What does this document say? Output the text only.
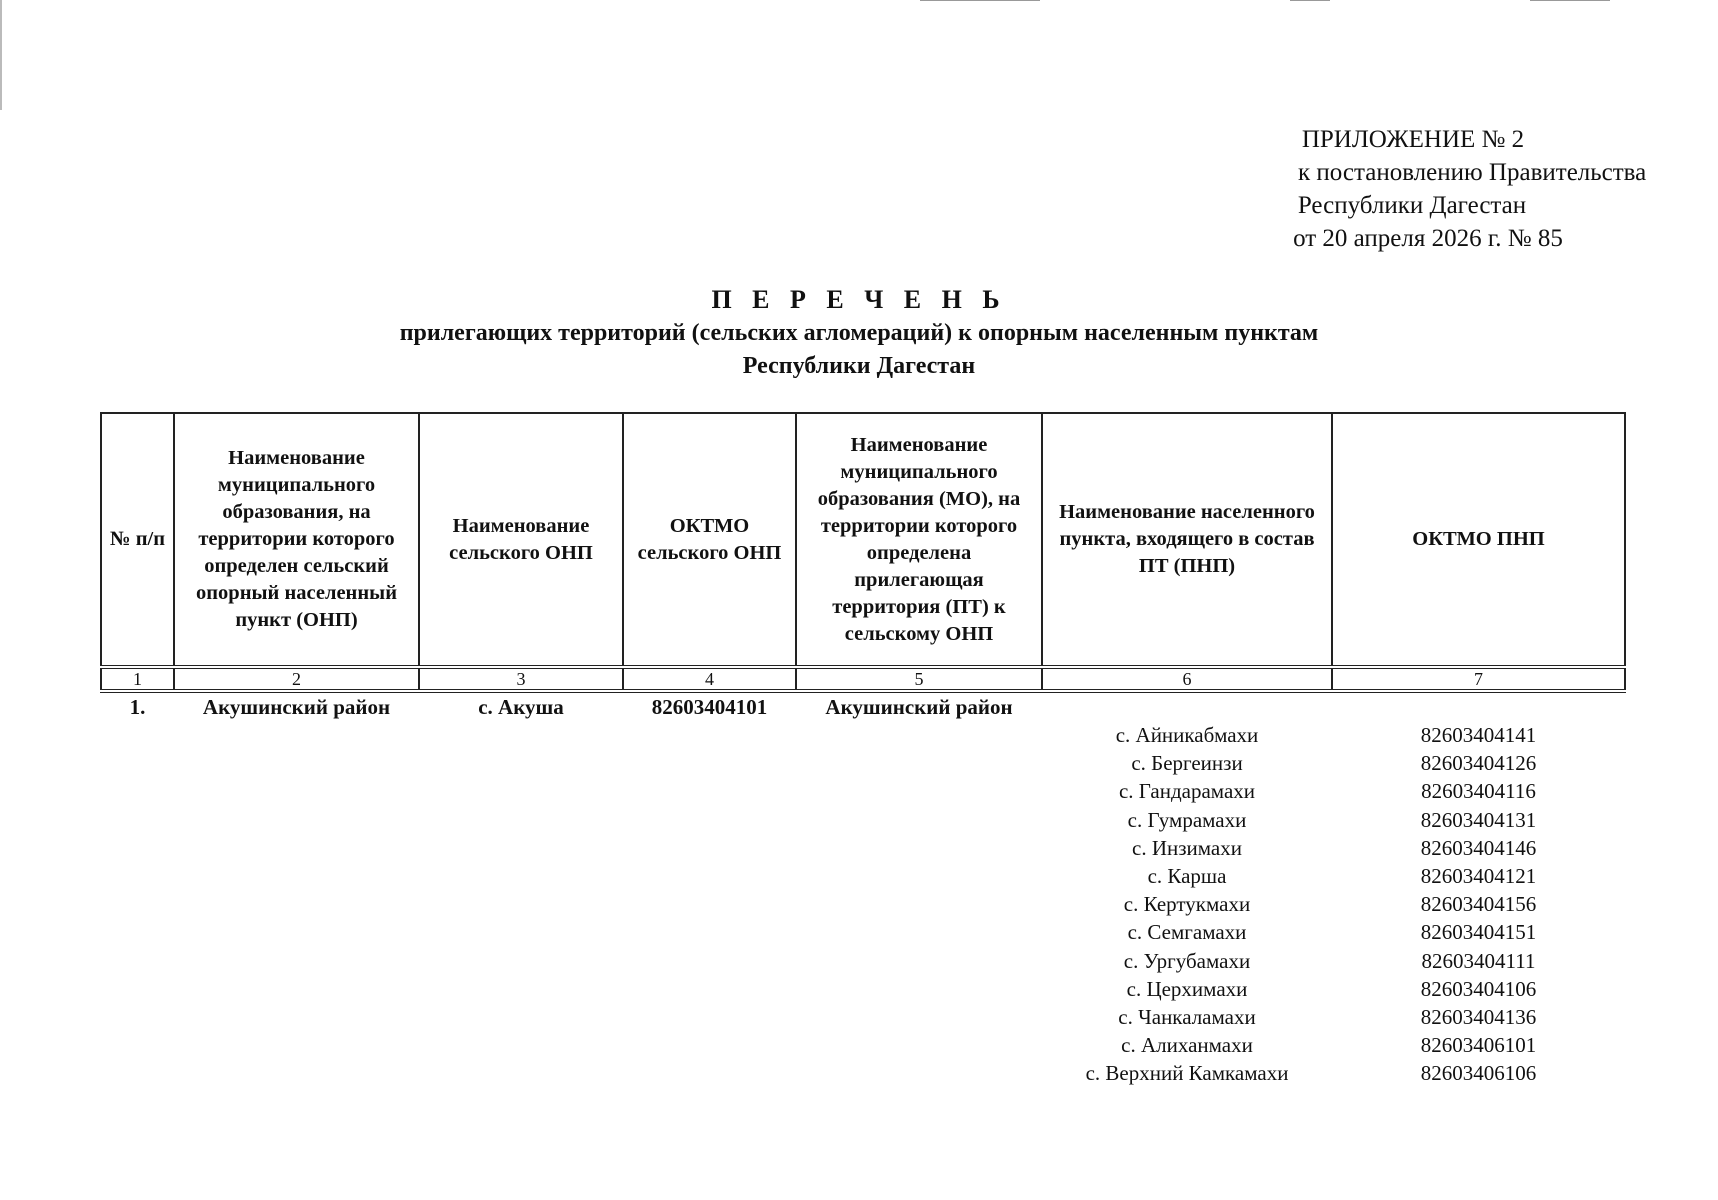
ПРИЛОЖЕНИЕ № 2
к постановлению Правительства
Республики Дагестан
от 20 апреля 2026 г. № 85
П Е Р Е Ч Е Н Ь
прилегающих территорий (сельских агломераций) к опорным населенным пунктам
Республики Дагестан
№ п/п	Наименование муниципального образования, на территории которого определен сельский опорный населенный пункт (ОНП)	Наименование сельского ОНП	ОКТМО сельского ОНП	Наименование муниципального образования (МО), на территории которого определена прилегающая территория (ПТ) к сельскому ОНП	Наименование населенного пункта, входящего в состав ПТ (ПНП)	ОКТМО ПНП
1	2	3	4	5	6	7
1.	Акушинский район	с. Акуша	82603404101	Акушинский район		
					с. Айникабмахи	82603404141
					с. Бергеинзи	82603404126
					с. Гандарамахи	82603404116
					с. Гумрамахи	82603404131
					с. Инзимахи	82603404146
					с. Карша	82603404121
					с. Кертукмахи	82603404156
					с. Семгамахи	82603404151
					с. Ургубамахи	82603404111
					с. Церхимахи	82603404106
					с. Чанкаламахи	82603404136
					с. Алиханмахи	82603406101
					с. Верхний Камкамахи	82603406106
